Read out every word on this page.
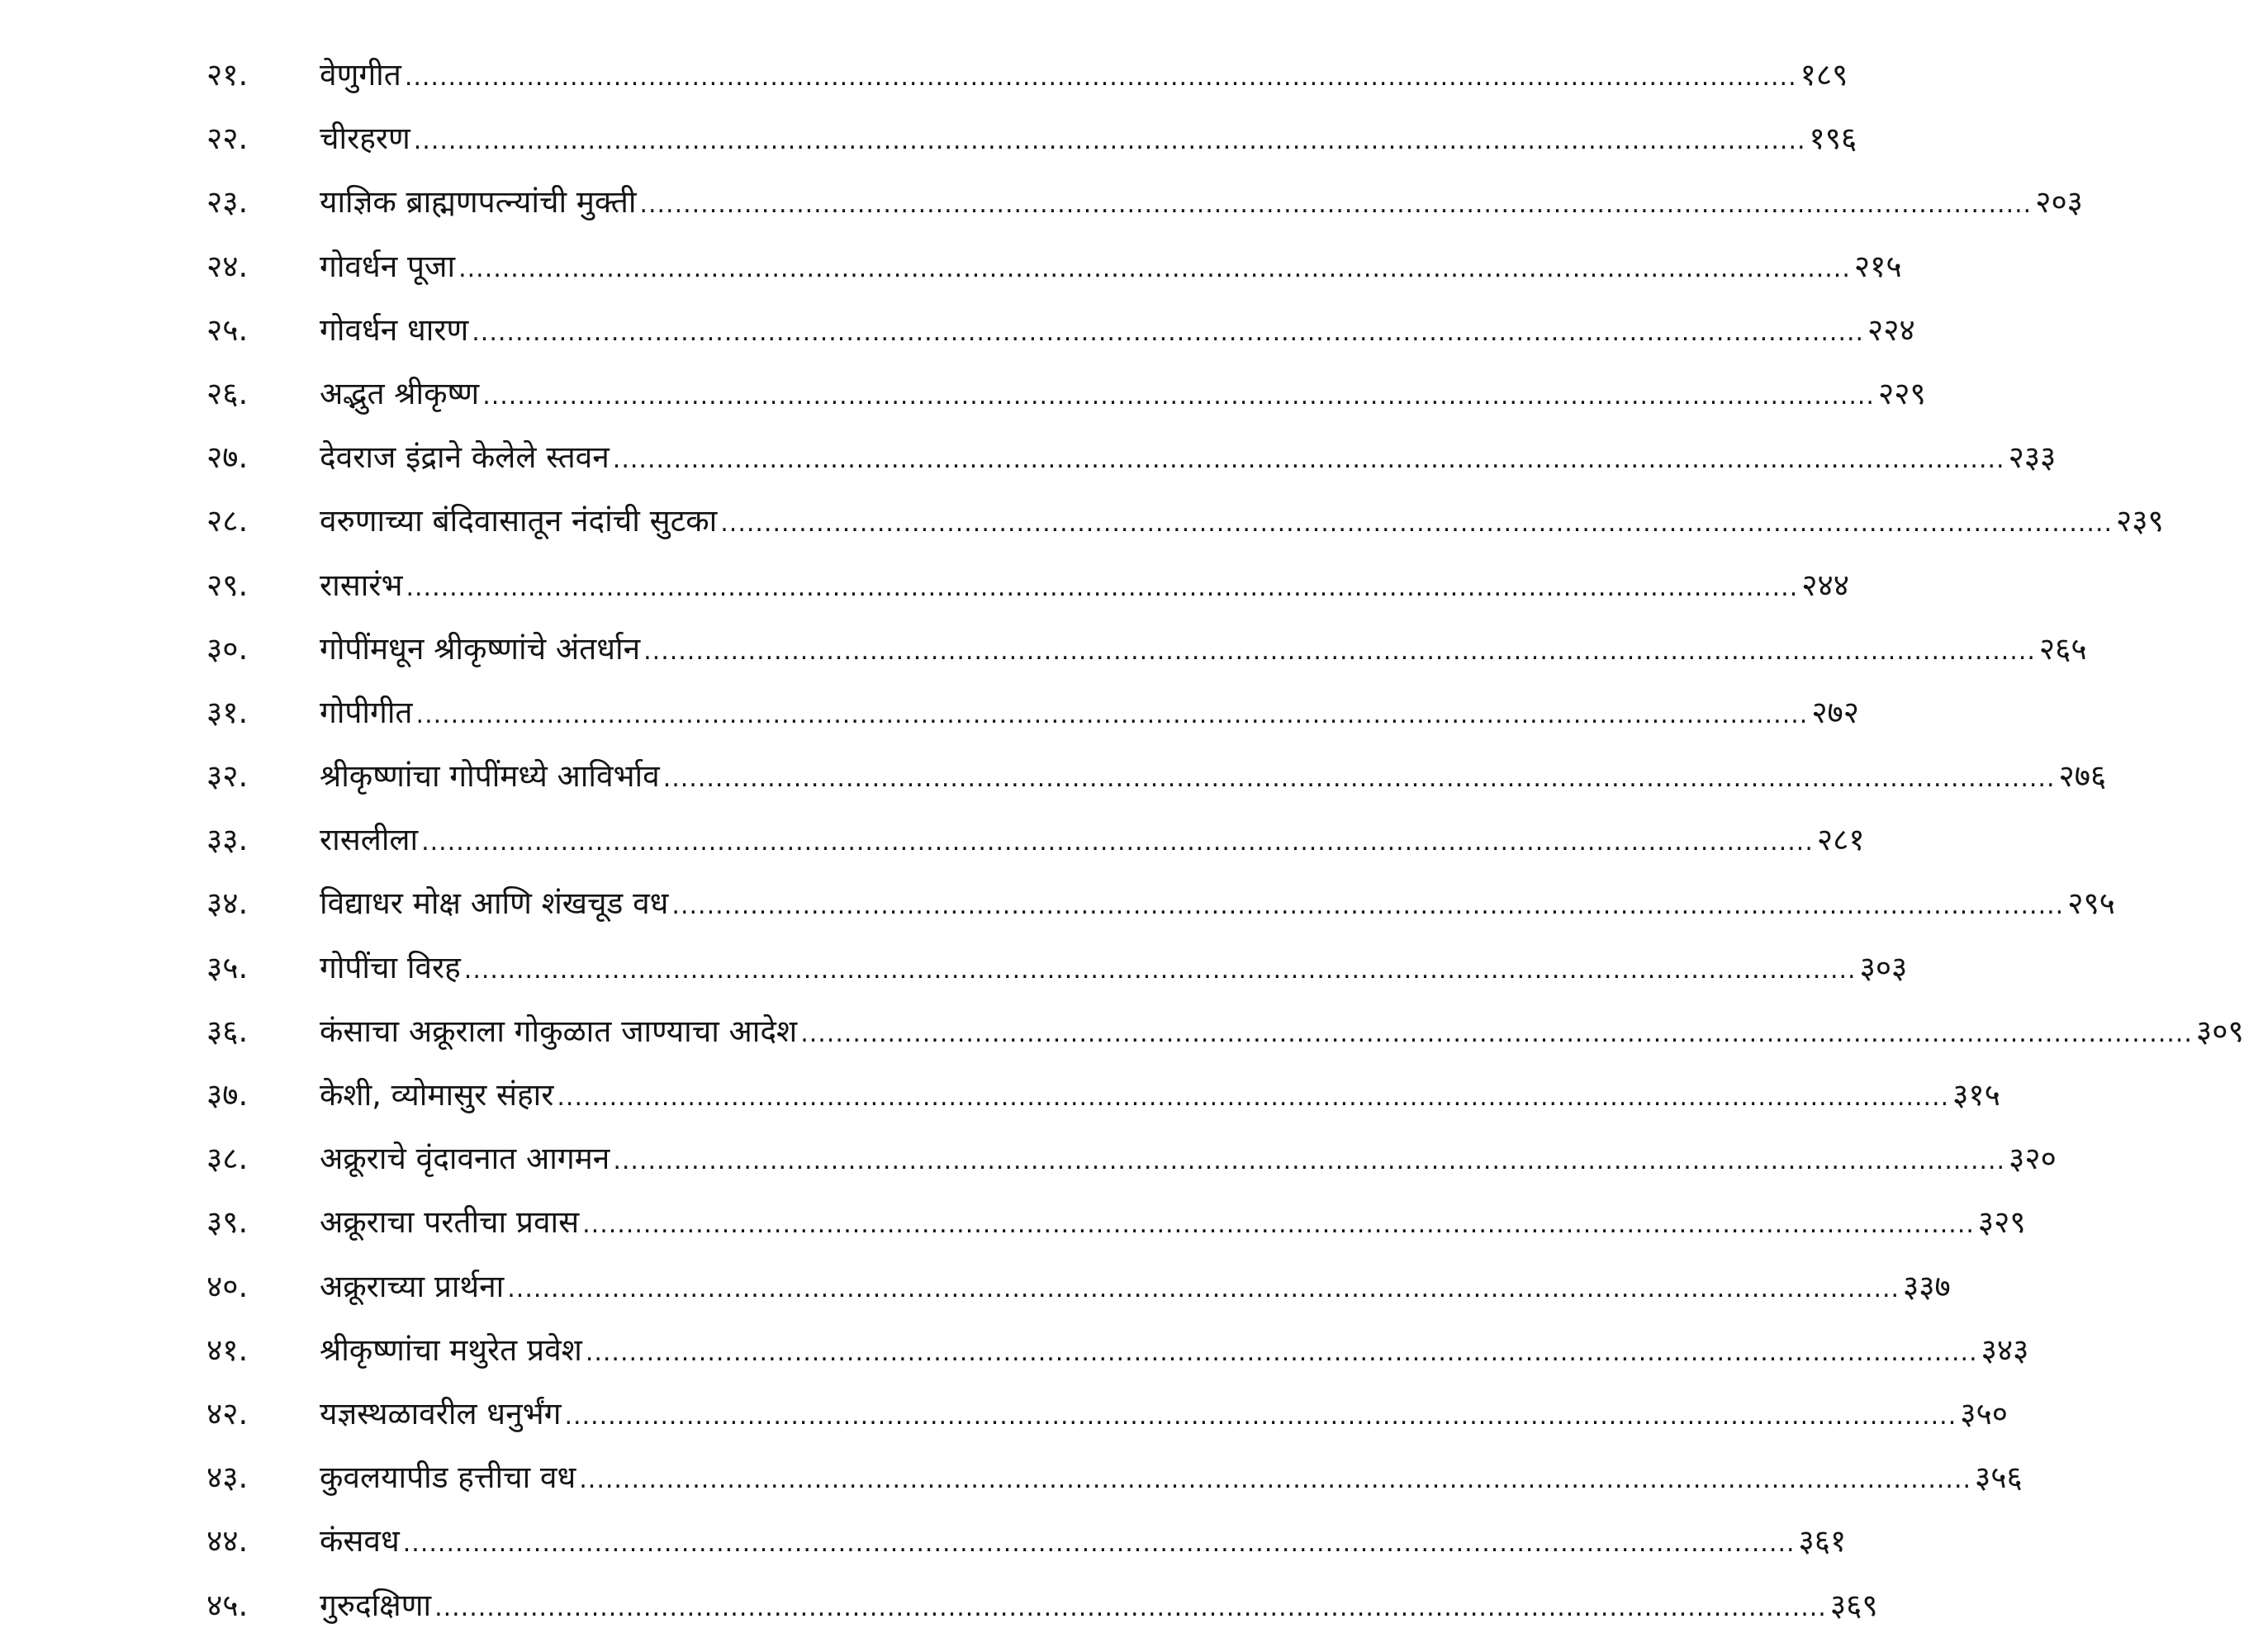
२१. वेणुगीत ................................................................................................................................................................ १८९
२२. चीरहरण ................................................................................................................................................................ १९६
२३. याज्ञिक ब्राह्मणपत्न्यांची मुक्ती ................................................................................................................................................................ २०३
२४. गोवर्धन पूजा ................................................................................................................................................................ २१५
२५. गोवर्धन धारण ................................................................................................................................................................ २२४
२६. अद्भुत श्रीकृष्ण ................................................................................................................................................................ २२९
२७. देवराज इंद्राने केलेले स्तवन ................................................................................................................................................................ २३३
२८. वरुणाच्या बंदिवासातून नंदांची सुटका ................................................................................................................................................................ २३९
२९. रासारंभ ................................................................................................................................................................ २४४
३०. गोपींमधून श्रीकृष्णांचे अंतर्धान ................................................................................................................................................................ २६५
३१. गोपीगीत ................................................................................................................................................................ २७२
३२. श्रीकृष्णांचा गोपींमध्ये आविर्भाव ................................................................................................................................................................ २७६
३३. रासलीला ................................................................................................................................................................ २८१
३४. विद्याधर मोक्ष आणि शंखचूड वध ................................................................................................................................................................ २९५
३५. गोपींचा विरह ................................................................................................................................................................ ३०३
३६. कंसाचा अक्रूराला गोकुळात जाण्याचा आदेश ................................................................................................................................................................ ३०९
३७. केशी, व्योमासुर संहार ................................................................................................................................................................ ३१५
३८. अक्रूराचे वृंदावनात आगमन ................................................................................................................................................................ ३२०
३९. अक्रूराचा परतीचा प्रवास ................................................................................................................................................................ ३२९
४०. अक्रूराच्या प्रार्थना ................................................................................................................................................................ ३३७
४१. श्रीकृष्णांचा मथुरेत प्रवेश ................................................................................................................................................................ ३४३
४२. यज्ञस्थळावरील धनुर्भंग ................................................................................................................................................................ ३५०
४३. कुवलयापीड हत्तीचा वध ................................................................................................................................................................ ३५६
४४. कंसवध ................................................................................................................................................................ ३६१
४५. गुरुदक्षिणा ................................................................................................................................................................ ३६९
